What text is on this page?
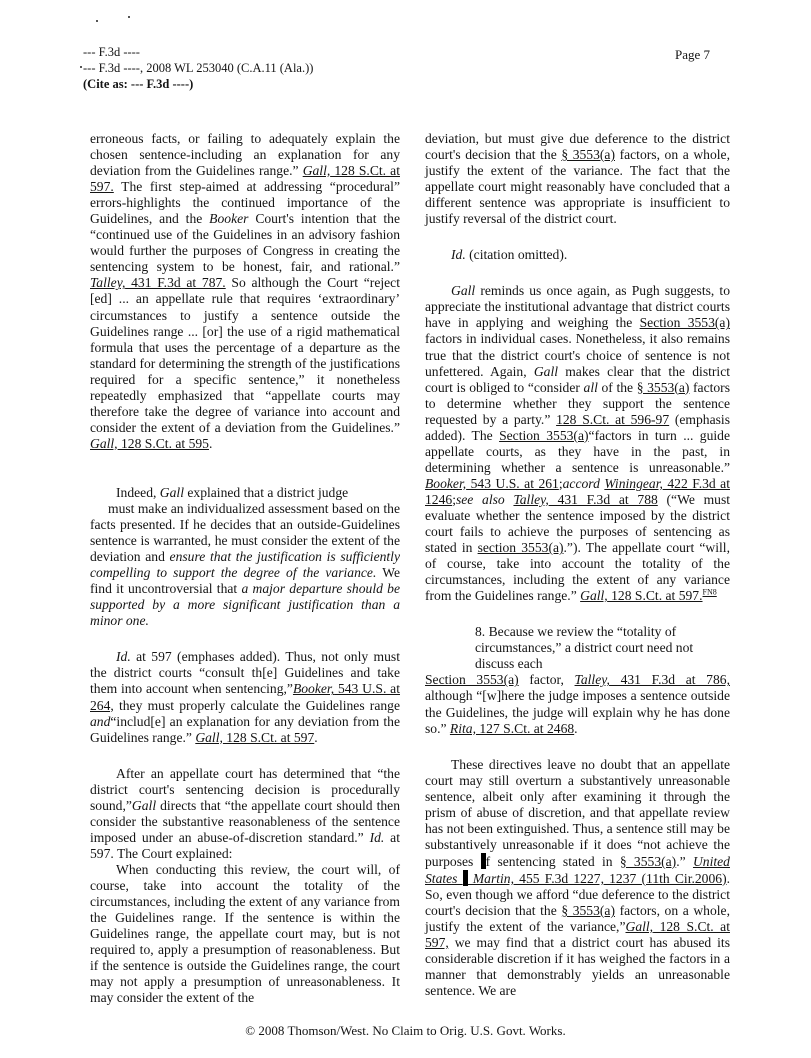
--- F.3d ----
--- F.3d ----, 2008 WL 253040 (C.A.11 (Ala.))
(Cite as: --- F.3d ----)
Page 7

erroneous facts, or failing to adequately explain the chosen sentence-including an explanation for any deviation from the Guidelines range.” Gall, 128 S.Ct. at 597. The first step-aimed at addressing “procedural” errors-highlights the continued importance of the Guidelines, and the Booker Court's intention that the “continued use of the Guidelines in an advisory fashion would further the purposes of Congress in creating the sentencing system to be honest, fair, and rational.” Talley, 431 F.3d at 787. So although the Court “reject [ed] ... an appellate rule that requires ‘extraordinary’ circumstances to justify a sentence outside the Guidelines range ... [or] the use of a rigid mathematical formula that uses the percentage of a departure as the standard for determining the strength of the justifications required for a specific sentence,” it nonetheless repeatedly emphasized that “appellate courts may therefore take the degree of variance into account and consider the extent of a deviation from the Guidelines.” Gall, 128 S.Ct. at 595.

Indeed, Gall explained that a district judge

must make an individualized assessment based on the facts presented. If he decides that an outside-Guidelines sentence is warranted, he must consider the extent of the deviation and ensure that the justification is sufficiently compelling to support the degree of the variance. We find it uncontroversial that a major departure should be supported by a more significant justification than a minor one.

Id. at 597 (emphases added). Thus, not only must the district courts “consult th[e] Guidelines and take them into account when sentencing,”Booker, 543 U.S. at 264, they must properly calculate the Guidelines range and“includ[e] an explanation for any deviation from the Guidelines range.” Gall, 128 S.Ct. at 597.

After an appellate court has determined that “the district court's sentencing decision is procedurally sound,”Gall directs that “the appellate court should then consider the substantive reasonableness of the sentence imposed under an abuse-of-discretion standard.” Id. at 597. The Court explained:

When conducting this review, the court will, of course, take into account the totality of the circumstances, including the extent of any variance from the Guidelines range. If the sentence is within the Guidelines range, the appellate court may, but is not required to, apply a presumption of reasonableness. But if the sentence is outside the Guidelines range, the court may not apply a presumption of unreasonableness. It may consider the extent of the

deviation, but must give due deference to the district court's decision that the § 3553(a) factors, on a whole, justify the extent of the variance. The fact that the appellate court might reasonably have concluded that a different sentence was appropriate is insufficient to justify reversal of the district court.

Id. (citation omitted).

Gall reminds us once again, as Pugh suggests, to appreciate the institutional advantage that district courts have in applying and weighing the Section 3553(a) factors in individual cases. Nonetheless, it also remains true that the district court's choice of sentence is not unfettered. Again, Gall makes clear that the district court is obliged to “consider all of the § 3553(a) factors to determine whether they support the sentence requested by a party.” 128 S.Ct. at 596-97 (emphasis added). The Section 3553(a)“factors in turn ... guide appellate courts, as they have in the past, in determining whether a sentence is unreasonable.” Booker, 543 U.S. at 261;accord Winingear, 422 F.3d at 1246;see also Talley, 431 F.3d at 788 (“We must evaluate whether the sentence imposed by the district court fails to achieve the purposes of sentencing as stated in section 3553(a).”). The appellate court “will, of course, take into account the totality of the circumstances, including the extent of any variance from the Guidelines range.” Gall, 128 S.Ct. at 597.$^{FN8}$

8. Because we review the “totality of circumstances,” a district court need not discuss each

Section 3553(a) factor, Talley, 431 F.3d at 786, although “[w]here the judge imposes a sentence outside the Guidelines, the judge will explain why he has done so.” Rita, 127 S.Ct. at 2468.

These directives leave no doubt that an appellate court may still overturn a substantively unreasonable sentence, albeit only after examining it through the prism of abuse of discretion, and that appellate review has not been extinguished. Thus, a sentence still may be substantively unreasonable if it does “not achieve the purposes f sentencing stated in § 3553(a).” United States  Martin, 455 F.3d 1227, 1237 (11th Cir.2006). So, even though we afford “due deference to the district court's decision that the § 3553(a) factors, on a whole, justify the extent of the variance,”Gall, 128 S.Ct. at 597, we may find that a district court has abused its considerable discretion if it has weighed the factors in a manner that demonstrably yields an unreasonable sentence. We are

© 2008 Thomson/West. No Claim to Orig. U.S. Govt. Works.
